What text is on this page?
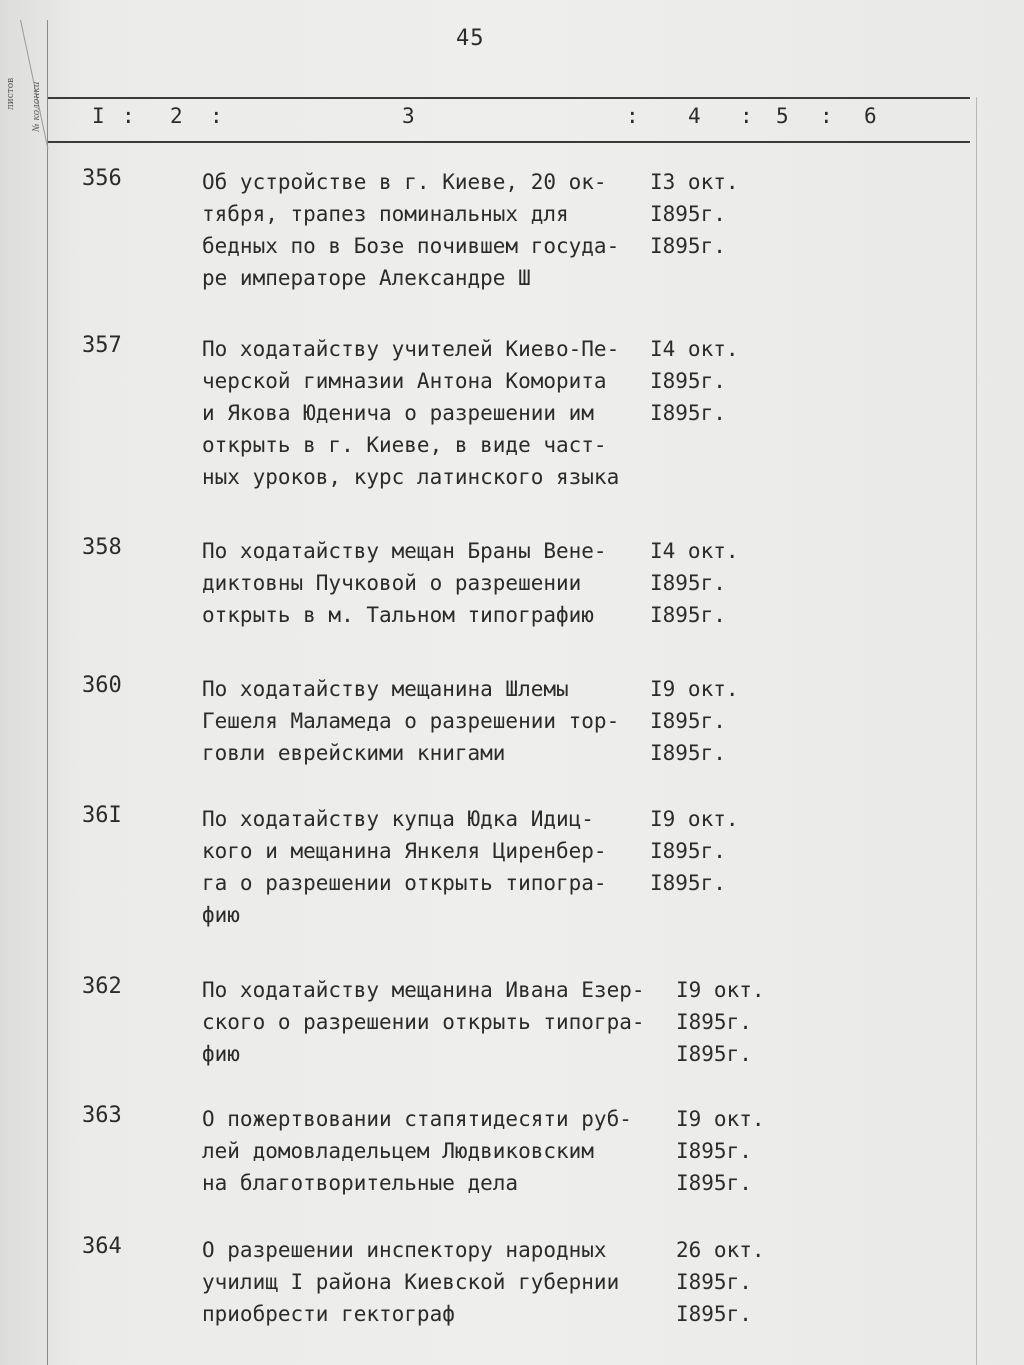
45
листов № колонки I : 2 :	3	: 4 : 5 : 6
356	Об устройстве в г. Киеве, 20 ок-
тября, трапез поминальных для
бедных по в Бозе почившем госуда-
ре императоре Александре Ш
I3 окт.
I895г.
I895г.
357	По ходатайству учителей Киево-Пе-
черской гимназии Антона Коморита
и Якова Юденича о разрешении им
открыть в г. Киеве, в виде част-
ных уроков, курс латинского языка
I4 окт.
I895г.
I895г.
358	По ходатайству мещан Браны Вене-
диктовны Пучковой о разрешении
открыть в м. Тальном типографию
I4 окт.
I895г.
I895г.
360	По ходатайству мещанина Шлемы
Гешеля Маламеда о разрешении тор-
говли еврейскими книгами
I9 окт.
I895г.
I895г.
36I	По ходатайству купца Юдка Идиц-
кого и мещанина Янкеля Циренбер-
га о разрешении открыть типогра-
фию
I9 окт.
I895г.
I895г.
362	По ходатайству мещанина Ивана Езер-
ского о разрешении открыть типогра-
фию
I9 окт.
I895г.
I895г.
363	О пожертвовании стапятидесяти руб-
лей домовладельцем Людвиковским
на благотворительные дела
I9 окт.
I895г.
I895г.
364	О разрешении инспектору народных
училищ I района Киевской губернии
приобрести гектограф
26 окт.
I895г.
I895г.
